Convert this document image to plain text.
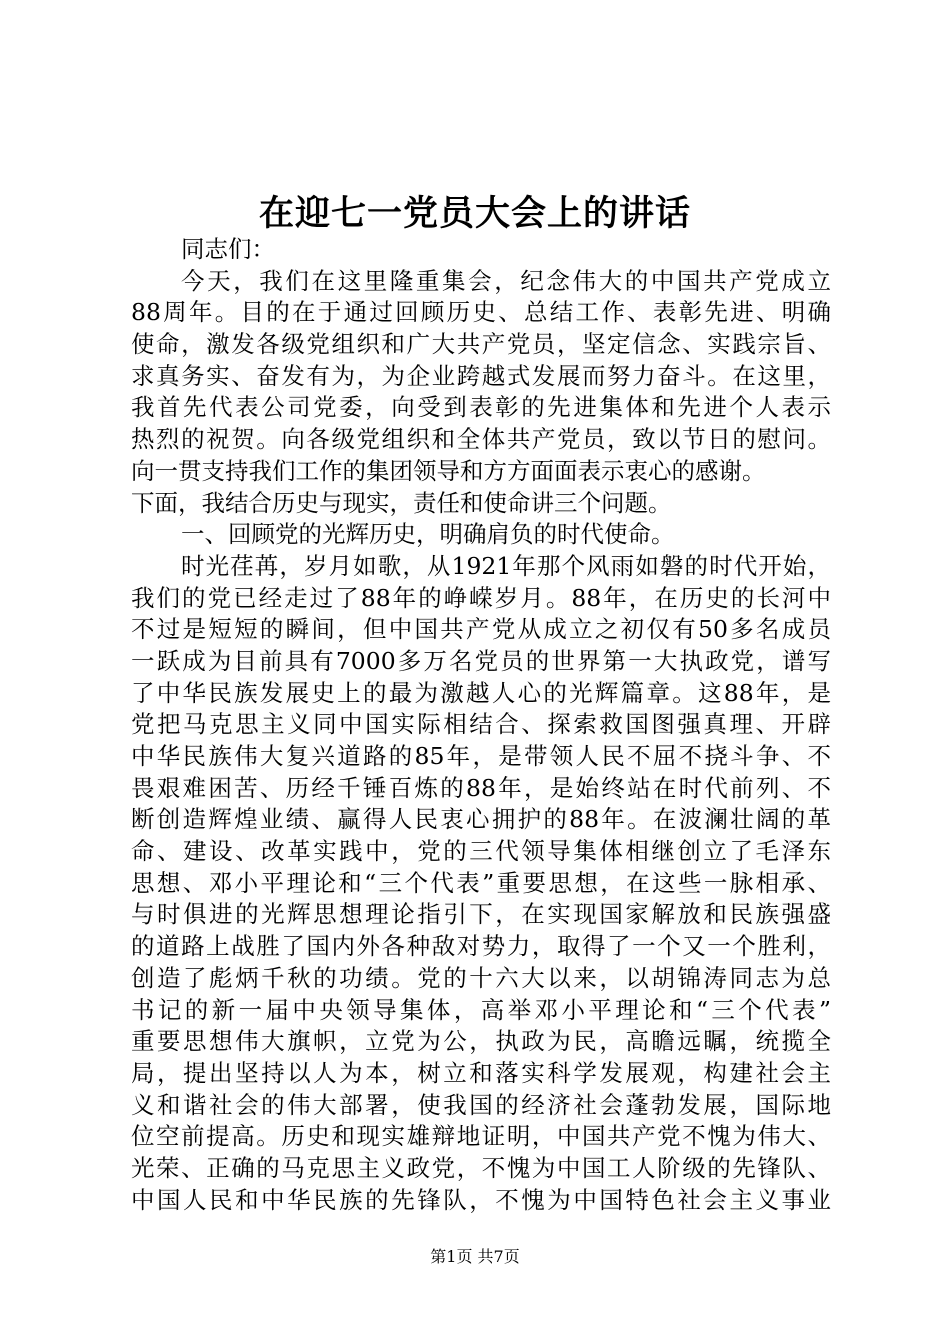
在迎七一党员大会上的讲话
同志们：
今天，我们在这里隆重集会，纪念伟大的中国共产党成立
88周年。目的在于通过回顾历史、总结工作、表彰先进、明确
使命，激发各级党组织和广大共产党员，坚定信念、实践宗旨、
求真务实、奋发有为，为企业跨越式发展而努力奋斗。在这里，
我首先代表公司党委，向受到表彰的先进集体和先进个人表示
热烈的祝贺。向各级党组织和全体共产党员，致以节日的慰问。
向一贯支持我们工作的集团领导和方方面面表示衷心的感谢。
下面，我结合历史与现实，责任和使命讲三个问题。
一、回顾党的光辉历史，明确肩负的时代使命。
时光荏苒，岁月如歌，从1921年那个风雨如磐的时代开始，
我们的党已经走过了88年的峥嵘岁月。88年，在历史的长河中
不过是短短的瞬间，但中国共产党从成立之初仅有50多名成员
一跃成为目前具有7000多万名党员的世界第一大执政党，谱写
了中华民族发展史上的最为激越人心的光辉篇章。这88年，是
党把马克思主义同中国实际相结合、探索救国图强真理、开辟
中华民族伟大复兴道路的85年，是带领人民不屈不挠斗争、不
畏艰难困苦、历经千锤百炼的88年，是始终站在时代前列、不
断创造辉煌业绩、赢得人民衷心拥护的88年。在波澜壮阔的革
命、建设、改革实践中，党的三代领导集体相继创立了毛泽东
思想、邓小平理论和“三个代表”重要思想，在这些一脉相承、
与时俱进的光辉思想理论指引下，在实现国家解放和民族强盛
的道路上战胜了国内外各种敌对势力，取得了一个又一个胜利，
创造了彪炳千秋的功绩。党的十六大以来，以胡锦涛同志为总
书记的新一届中央领导集体，高举邓小平理论和“三个代表”
重要思想伟大旗帜，立党为公，执政为民，高瞻远瞩，统揽全
局，提出坚持以人为本，树立和落实科学发展观，构建社会主
义和谐社会的伟大部署，使我国的经济社会蓬勃发展，国际地
位空前提高。历史和现实雄辩地证明，中国共产党不愧为伟大、
光荣、正确的马克思主义政党，不愧为中国工人阶级的先锋队、
中国人民和中华民族的先锋队，不愧为中国特色社会主义事业
第1页 共7页
